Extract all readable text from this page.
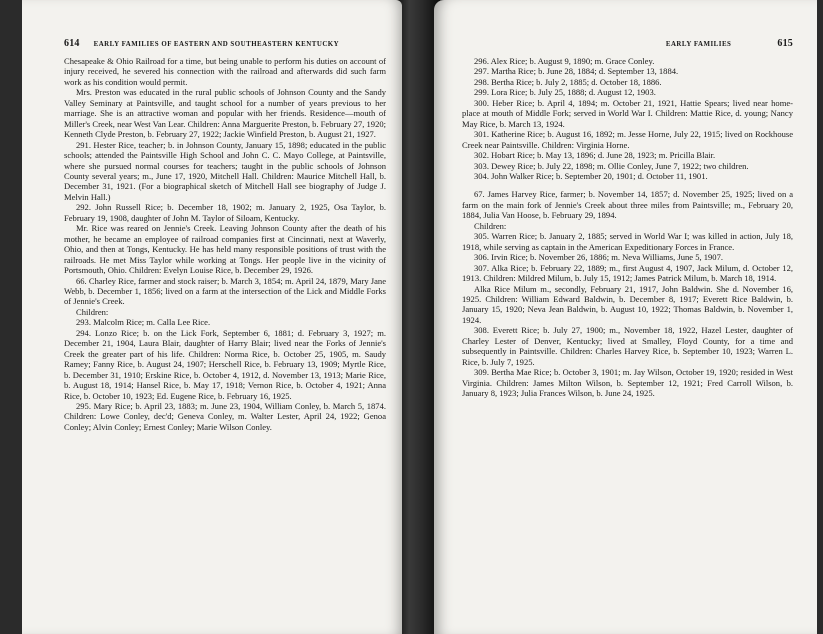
614 EARLY FAMILIES OF EASTERN AND SOUTHEASTERN KENTUCKY

Chesapeake & Ohio Railroad for a time, but being unable to perform his duties on account of injury received, he severed his connection with the railroad and afterwards did such farm work as his condition would permit.

Mrs. Preston was educated in the rural public schools of Johnson County and the Sandy Valley Seminary at Paintsville, and taught school for a number of years previous to her marriage. She is an attractive woman and popular with her friends. Residence—mouth of Miller's Creek, near West Van Lear. Children: Anna Marguerite Preston, b. February 27, 1920; Kenneth Clyde Preston, b. February 27, 1922; Jackie Winfield Preston, b. August 21, 1927.

291. Hester Rice, teacher; b. in Johnson County, January 15, 1898; educated in the public schools; attended the Paintsville High School and John C. C. Mayo College, at Paintsville, where she pursued normal courses for teachers; taught in the public schools of Johnson County several years; m., June 17, 1920, Mitchell Hall. Children: Maurice Mitchell Hall, b. December 31, 1921. (For a biographical sketch of Mitchell Hall see biography of Judge J. Melvin Hall.)

292. John Russell Rice; b. December 18, 1902; m. January 2, 1925, Osa Taylor, b. February 19, 1908, daughter of John M. Taylor of Siloam, Kentucky.

Mr. Rice was reared on Jennie's Creek. Leaving Johnson County after the death of his mother, he became an employee of railroad companies first at Cincinnati, next at Waverly, Ohio, and then at Tongs, Kentucky. He has held many responsible positions of trust with the railroads. He met Miss Taylor while working at Tongs. Her people live in the vicinity of Portsmouth, Ohio. Children: Evelyn Louise Rice, b. December 29, 1926.

66. Charley Rice, farmer and stock raiser; b. March 3, 1854; m. April 24, 1879, Mary Jane Webb, b. December 1, 1856; lived on a farm at the intersection of the Lick and Middle Forks of Jennie's Creek.

Children:

293. Malcolm Rice; m. Calla Lee Rice.

294. Lonzo Rice; b. on the Lick Fork, September 6, 1881; d. February 3, 1927; m. December 21, 1904, Laura Blair, daughter of Harry Blair; lived near the Forks of Jennie's Creek the greater part of his life. Children: Norma Rice, b. October 25, 1905, m. Saudy Ramey; Fanny Rice, b. August 24, 1907; Herschell Rice, b. February 13, 1909; Myrtle Rice, b. December 31, 1910; Erskine Rice, b. October 4, 1912, d. November 13, 1913; Marie Rice, b. August 18, 1914; Hansel Rice, b. May 17, 1918; Vernon Rice, b. October 4, 1921; Anna Rice, b. October 10, 1923; Ed. Eugene Rice, b. February 16, 1925.

295. Mary Rice; b. April 23, 1883; m. June 23, 1904, William Conley, b. March 5, 1874. Children: Lowe Conley, dec'd; Geneva Conley, m. Walter Lester, April 24, 1922; Genoa Conley; Alvin Conley; Ernest Conley; Marie Wilson Conley.

EARLY FAMILIES	615

296. Alex Rice; b. August 9, 1890; m. Grace Conley.

297. Martha Rice; b. June 28, 1884; d. September 13, 1884.

298. Bertha Rice; b. July 2, 1885; d. October 18, 1886.

299. Lora Rice; b. July 25, 1888; d. August 12, 1903.

300. Heber Rice; b. April 4, 1894; m. October 21, 1921, Hattie Spears; lived near home-place at mouth of Middle Fork; served in World War I. Children: Mattie Rice, d. young; Nancy May Rice, b. March 13, 1924.

301. Katherine Rice; b. August 16, 1892; m. Jesse Horne, July 22, 1915; lived on Rockhouse Creek near Paintsville. Children: Virginia Horne.

302. Hobart Rice; b. May 13, 1896; d. June 28, 1923; m. Pricilla Blair.

303. Dewey Rice; b. July 22, 1898; m. Ollie Conley, June 7, 1922; two children.

304. John Walker Rice; b. September 20, 1901; d. October 11, 1901.

67. James Harvey Rice, farmer; b. November 14, 1857; d. November 25, 1925; lived on a farm on the main fork of Jennie's Creek about three miles from Paintsville; m., February 20, 1884, Julia Van Hoose, b. February 29, 1894.

Children:

305. Warren Rice; b. January 2, 1885; served in World War I; was killed in action, July 18, 1918, while serving as captain in the American Expeditionary Forces in France.

306. Irvin Rice; b. November 26, 1886; m. Neva Williams, June 5, 1907.

307. Alka Rice; b. February 22, 1889; m., first August 4, 1907, Jack Milum, d. October 12, 1913. Children: Mildred Milum, b. July 15, 1912; James Patrick Milum, b. March 18, 1914.

Alka Rice Milum m., secondly, February 21, 1917, John Baldwin. She d. November 16, 1925. Children: William Edward Baldwin, b. December 8, 1917; Everett Rice Baldwin, b. January 15, 1920; Neva Jean Baldwin, b. August 10, 1922; Thomas Baldwin, b. November 1, 1924.

308. Everett Rice; b. July 27, 1900; m., November 18, 1922, Hazel Lester, daughter of Charley Lester of Denver, Kentucky; lived at Smalley, Floyd County, for a time and subsequently in Paintsville. Children: Charles Harvey Rice, b. September 10, 1923; Warren L. Rice, b. July 7, 1925.

309. Bertha Mae Rice; b. October 3, 1901; m. Jay Wilson, October 19, 1920; resided in West Virginia. Children: James Milton Wilson, b. September 12, 1921; Fred Carroll Wilson, b. January 8, 1923; Julia Frances Wilson, b. June 24, 1925.
